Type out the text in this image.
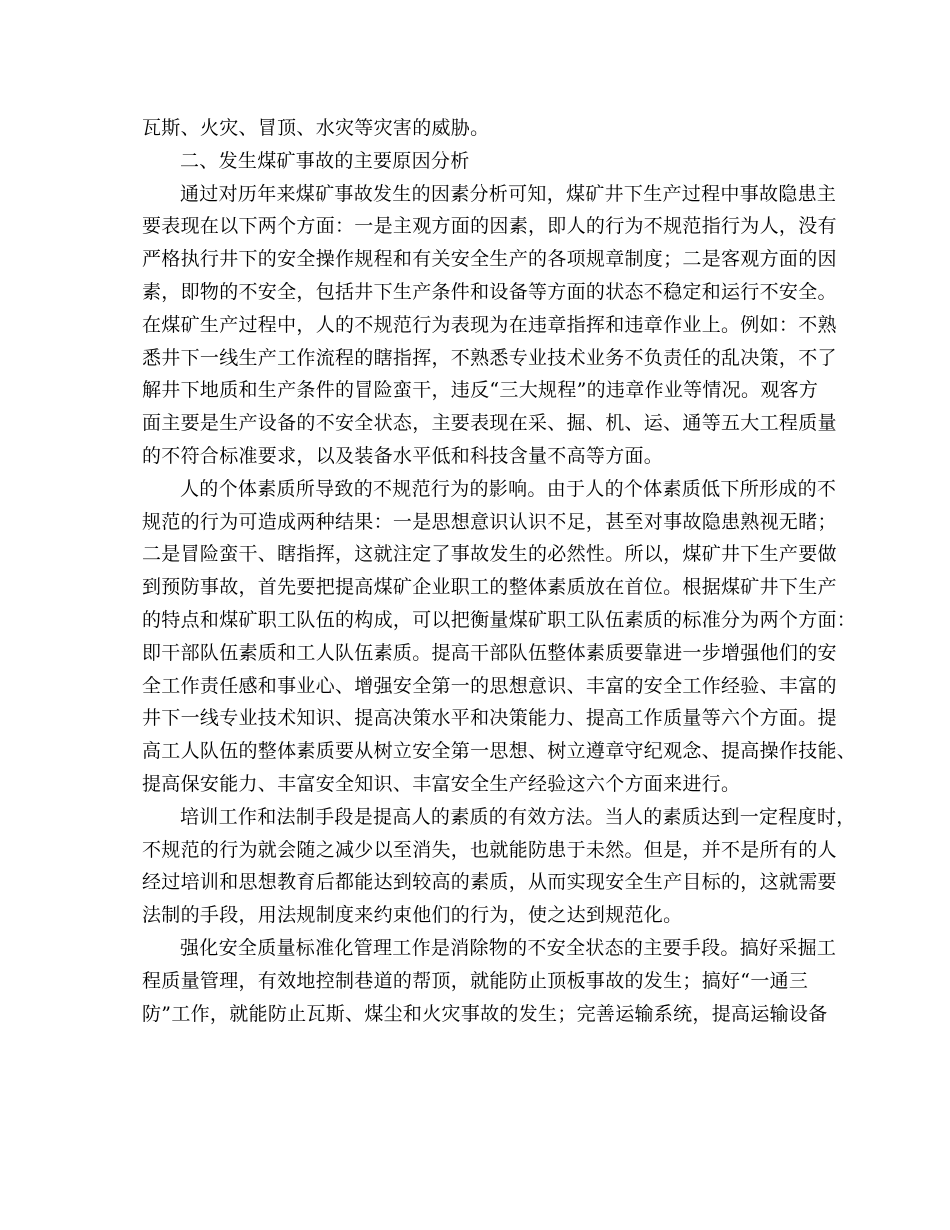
瓦斯、火灾、冒顶、水灾等灾害的威胁。
二、发生煤矿事故的主要原因分析
通过对历年来煤矿事故发生的因素分析可知，煤矿井下生产过程中事故隐患主
要表现在以下两个方面：一是主观方面的因素，即人的行为不规范指行为人，没有
严格执行井下的安全操作规程和有关安全生产的各项规章制度；二是客观方面的因
素，即物的不安全，包括井下生产条件和设备等方面的状态不稳定和运行不安全。
在煤矿生产过程中，人的不规范行为表现为在违章指挥和违章作业上。例如：不熟
悉井下一线生产工作流程的瞎指挥，不熟悉专业技术业务不负责任的乱决策，不了
解井下地质和生产条件的冒险蛮干，违反“三大规程”的违章作业等情况。观客方
面主要是生产设备的不安全状态，主要表现在采、掘、机、运、通等五大工程质量
的不符合标准要求，以及装备水平低和科技含量不高等方面。
人的个体素质所导致的不规范行为的影响。由于人的个体素质低下所形成的不
规范的行为可造成两种结果：一是思想意识认识不足，甚至对事故隐患熟视无睹；
二是冒险蛮干、瞎指挥，这就注定了事故发生的必然性。所以，煤矿井下生产要做
到预防事故，首先要把提高煤矿企业职工的整体素质放在首位。根据煤矿井下生产
的特点和煤矿职工队伍的构成，可以把衡量煤矿职工队伍素质的标准分为两个方面：
即干部队伍素质和工人队伍素质。提高干部队伍整体素质要靠进一步增强他们的安
全工作责任感和事业心、增强安全第一的思想意识、丰富的安全工作经验、丰富的
井下一线专业技术知识、提高决策水平和决策能力、提高工作质量等六个方面。提
高工人队伍的整体素质要从树立安全第一思想、树立遵章守纪观念、提高操作技能、
提高保安能力、丰富安全知识、丰富安全生产经验这六个方面来进行。
培训工作和法制手段是提高人的素质的有效方法。当人的素质达到一定程度时，
不规范的行为就会随之减少以至消失，也就能防患于未然。但是，并不是所有的人
经过培训和思想教育后都能达到较高的素质，从而实现安全生产目标的，这就需要
法制的手段，用法规制度来约束他们的行为，使之达到规范化。
强化安全质量标准化管理工作是消除物的不安全状态的主要手段。搞好采掘工
程质量管理，有效地控制巷道的帮顶，就能防止顶板事故的发生；搞好“一通三
防”工作，就能防止瓦斯、煤尘和火灾事故的发生；完善运输系统，提高运输设备
